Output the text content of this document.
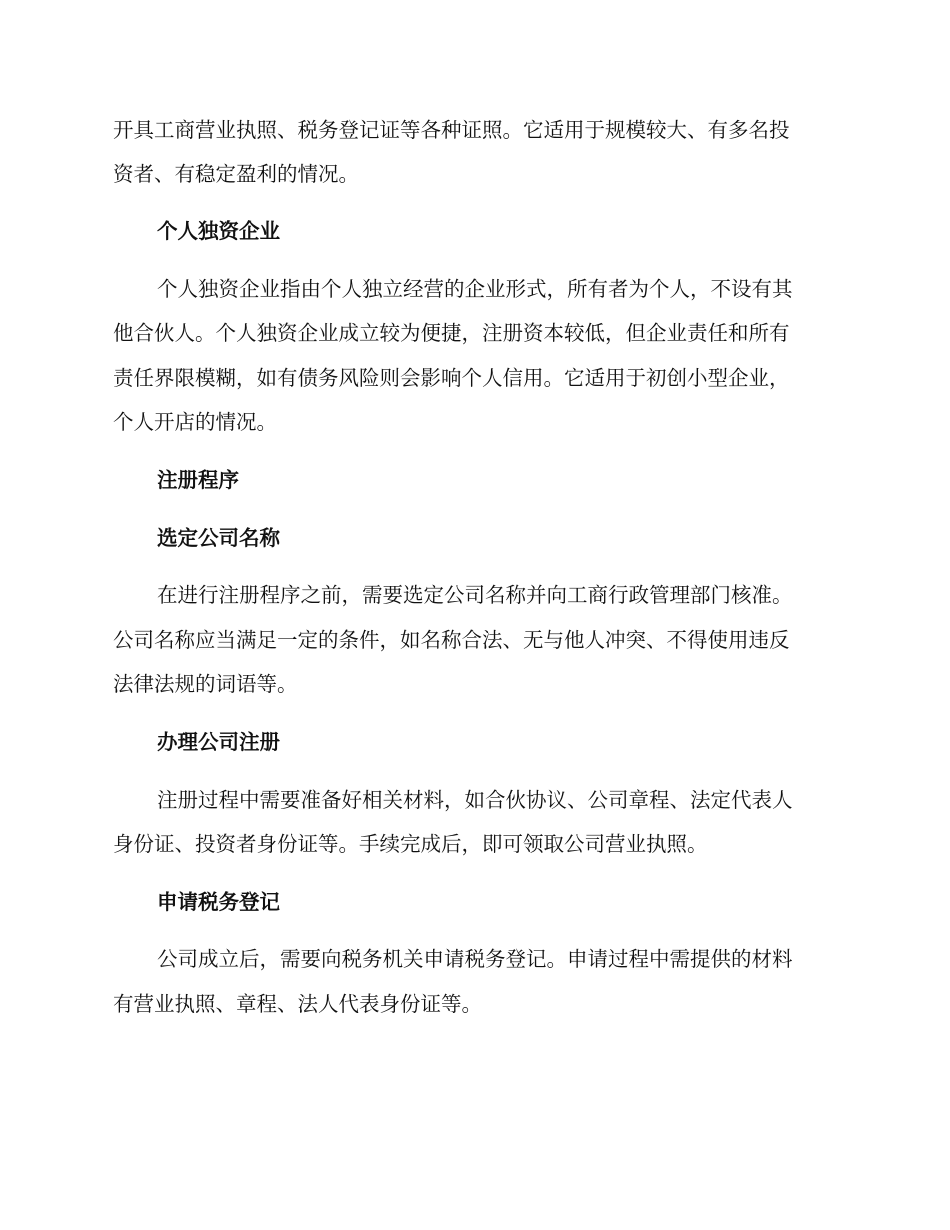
开具工商营业执照、税务登记证等各种证照。它适用于规模较大、有多名投
资者、有稳定盈利的情况。
个人独资企业
个人独资企业指由个人独立经营的企业形式，所有者为个人，不设有其
他合伙人。个人独资企业成立较为便捷，注册资本较低，但企业责任和所有
责任界限模糊，如有债务风险则会影响个人信用。它适用于初创小型企业，
个人开店的情况。
注册程序
选定公司名称
在进行注册程序之前，需要选定公司名称并向工商行政管理部门核准。
公司名称应当满足一定的条件，如名称合法、无与他人冲突、不得使用违反
法律法规的词语等。
办理公司注册
注册过程中需要准备好相关材料，如合伙协议、公司章程、法定代表人
身份证、投资者身份证等。手续完成后，即可领取公司营业执照。
申请税务登记
公司成立后，需要向税务机关申请税务登记。申请过程中需提供的材料
有营业执照、章程、法人代表身份证等。
